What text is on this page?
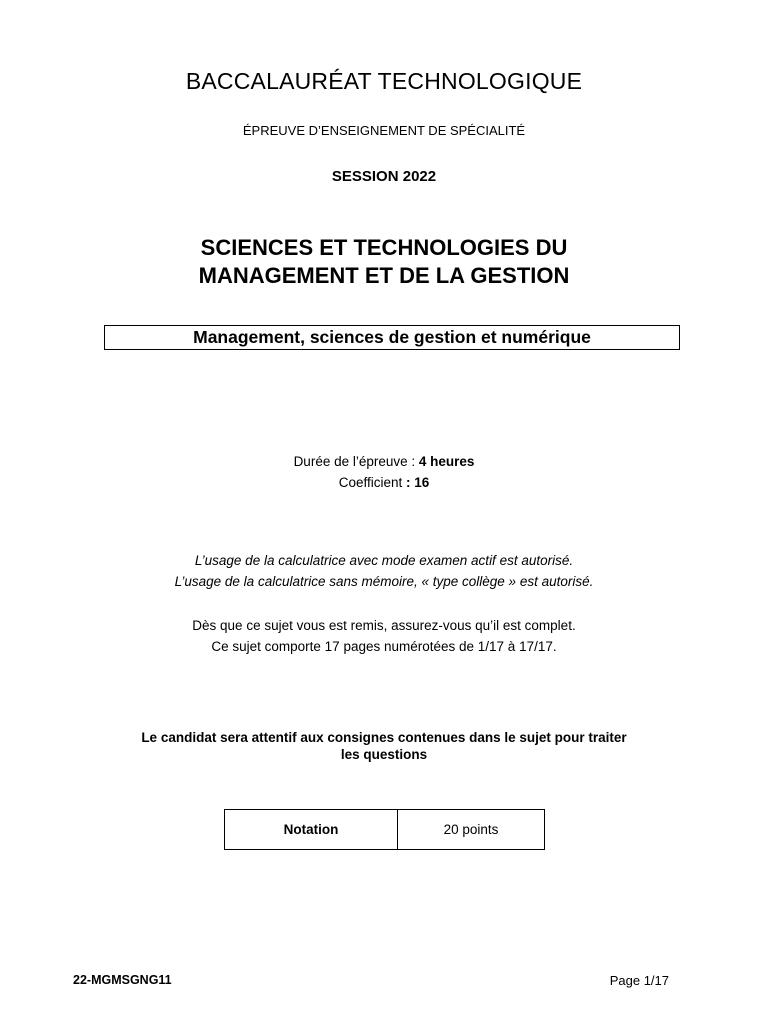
BACCALAURÉAT TECHNOLOGIQUE
ÉPREUVE D’ENSEIGNEMENT DE SPÉCIALITÉ
SESSION 2022
SCIENCES ET TECHNOLOGIES DU
MANAGEMENT ET DE LA GESTION
Management, sciences de gestion et numérique
Durée de l’épreuve : 4 heures
Coefficient : 16
L’usage de la calculatrice avec mode examen actif est autorisé.
L’usage de la calculatrice sans mémoire, « type collège » est autorisé.
Dès que ce sujet vous est remis, assurez-vous qu’il est complet.
Ce sujet comporte 17 pages numérotées de 1/17 à 17/17.
Le candidat sera attentif aux consignes contenues dans le sujet pour traiter
les questions
Notation	20 points
22-MGMSGNG11	Page 1/17
